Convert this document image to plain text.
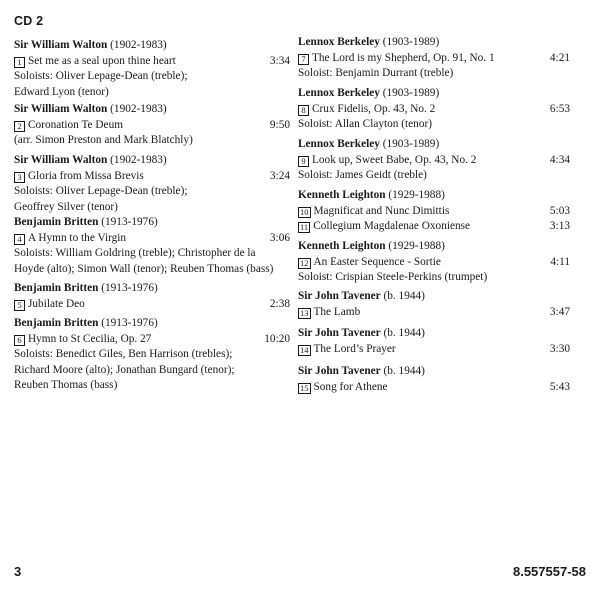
CD 2
Sir William Walton (1902-1983)
1 Set me as a seal upon thine heart	3:34
Soloists: Oliver Lepage-Dean (treble);
Edward Lyon (tenor)
Sir William Walton (1902-1983)
2 Coronation Te Deum	9:50
(arr. Simon Preston and Mark Blatchly)
Sir William Walton (1902-1983)
3 Gloria from Missa Brevis	3:24
Soloists: Oliver Lepage-Dean (treble);
Geoffrey Silver (tenor)
Benjamin Britten (1913-1976)
4 A Hymn to the Virgin	3:06
Soloists: William Goldring (treble); Christopher de la
Hoyde (alto); Simon Wall (tenor); Reuben Thomas (bass)
Benjamin Britten (1913-1976)
5 Jubilate Deo	2:38
Benjamin Britten (1913-1976)
6 Hymn to St Cecilia, Op. 27	10:20
Soloists: Benedict Giles, Ben Harrison (trebles);
Richard Moore (alto); Jonathan Bungard (tenor);
Reuben Thomas (bass)
Lennox Berkeley (1903-1989)
7 The Lord is my Shepherd, Op. 91, No. 1	4:21
Soloist: Benjamin Durrant (treble)
Lennox Berkeley (1903-1989)
8 Crux Fidelis, Op. 43, No. 2	6:53
Soloist: Allan Clayton (tenor)
Lennox Berkeley (1903-1989)
9 Look up, Sweet Babe, Op. 43, No. 2	4:34
Soloist: James Geidt (treble)
Kenneth Leighton (1929-1988)
10 Magnificat and Nunc Dimittis	5:03
11 Collegium Magdalenae Oxoniense	3:13
Kenneth Leighton (1929-1988)
12 An Easter Sequence - Sortie	4:11
Soloist: Crispian Steele-Perkins (trumpet)
Sir John Tavener (b. 1944)
13 The Lamb	3:47
Sir John Tavener (b. 1944)
14 The Lord’s Prayer	3:30
Sir John Tavener (b. 1944)
15 Song for Athene	5:43
3	8.557557-58
